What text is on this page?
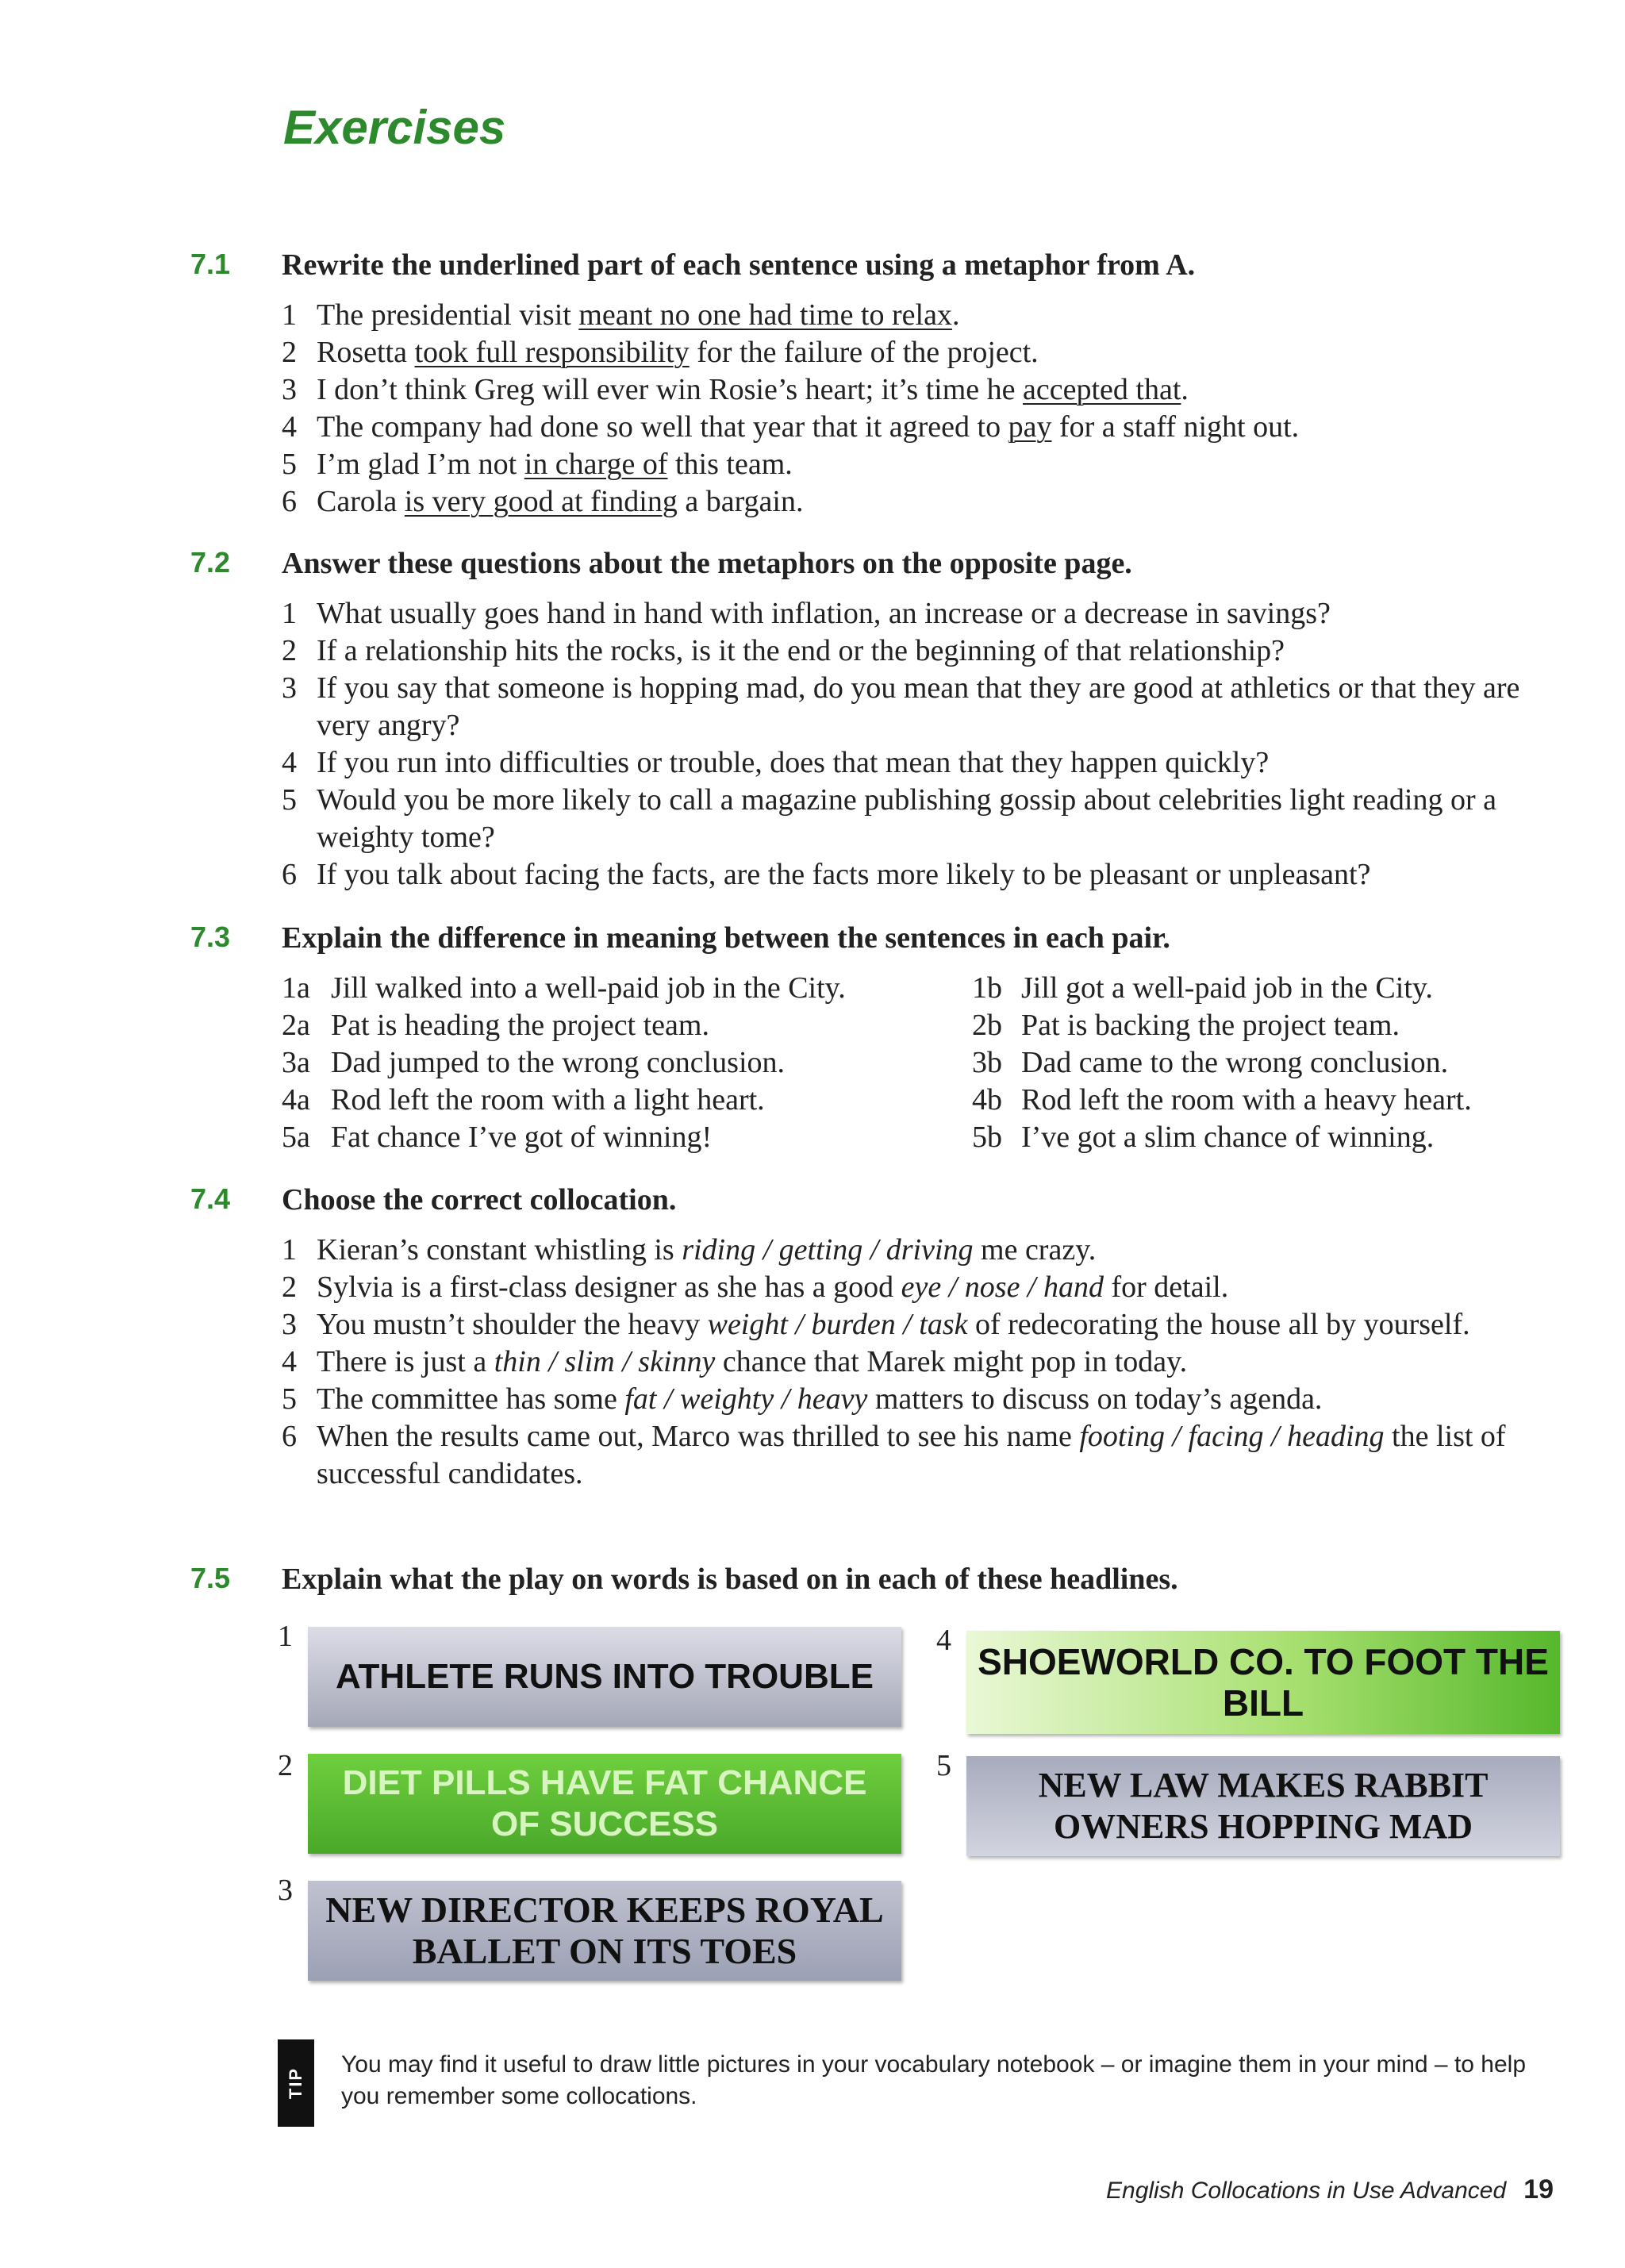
Exercises
7.1 Rewrite the underlined part of each sentence using a metaphor from A.
1 The presidential visit meant no one had time to relax.
2 Rosetta took full responsibility for the failure of the project.
3 I don’t think Greg will ever win Rosie’s heart; it’s time he accepted that.
4 The company had done so well that year that it agreed to pay for a staff night out.
5 I’m glad I’m not in charge of this team.
6 Carola is very good at finding a bargain.
7.2 Answer these questions about the metaphors on the opposite page.
1 What usually goes hand in hand with inflation, an increase or a decrease in savings?
2 If a relationship hits the rocks, is it the end or the beginning of that relationship?
3 If you say that someone is hopping mad, do you mean that they are good at athletics or that they are very angry?
4 If you run into difficulties or trouble, does that mean that they happen quickly?
5 Would you be more likely to call a magazine publishing gossip about celebrities light reading or a weighty tome?
6 If you talk about facing the facts, are the facts more likely to be pleasant or unpleasant?
7.3 Explain the difference in meaning between the sentences in each pair.
1a Jill walked into a well-paid job in the City.	1b Jill got a well-paid job in the City.
2a Pat is heading the project team.	2b Pat is backing the project team.
3a Dad jumped to the wrong conclusion.	3b Dad came to the wrong conclusion.
4a Rod left the room with a light heart.	4b Rod left the room with a heavy heart.
5a Fat chance I’ve got of winning!	5b I’ve got a slim chance of winning.
7.4 Choose the correct collocation.
1 Kieran’s constant whistling is riding / getting / driving me crazy.
2 Sylvia is a first-class designer as she has a good eye / nose / hand for detail.
3 You mustn’t shoulder the heavy weight / burden / task of redecorating the house all by yourself.
4 There is just a thin / slim / skinny chance that Marek might pop in today.
5 The committee has some fat / weighty / heavy matters to discuss on today’s agenda.
6 When the results came out, Marco was thrilled to see his name footing / facing / heading the list of successful candidates.
7.5 Explain what the play on words is based on in each of these headlines.
1
ATHLETE RUNS INTO TROUBLE
2	DIET PILLS HAVE FAT CHANCE OF SUCCESS
3 NEW DIRECTOR KEEPS ROYAL BALLET ON ITS TOES
4
SHOEWORLD CO. TO FOOT THE BILL
5	NEW LAW MAKES RABBIT OWNERS HOPPING MAD
TIP
You may find it useful to draw little pictures in your vocabulary notebook – or imagine them in your mind – to help you remember some collocations.
English Collocations in Use Advanced 19
